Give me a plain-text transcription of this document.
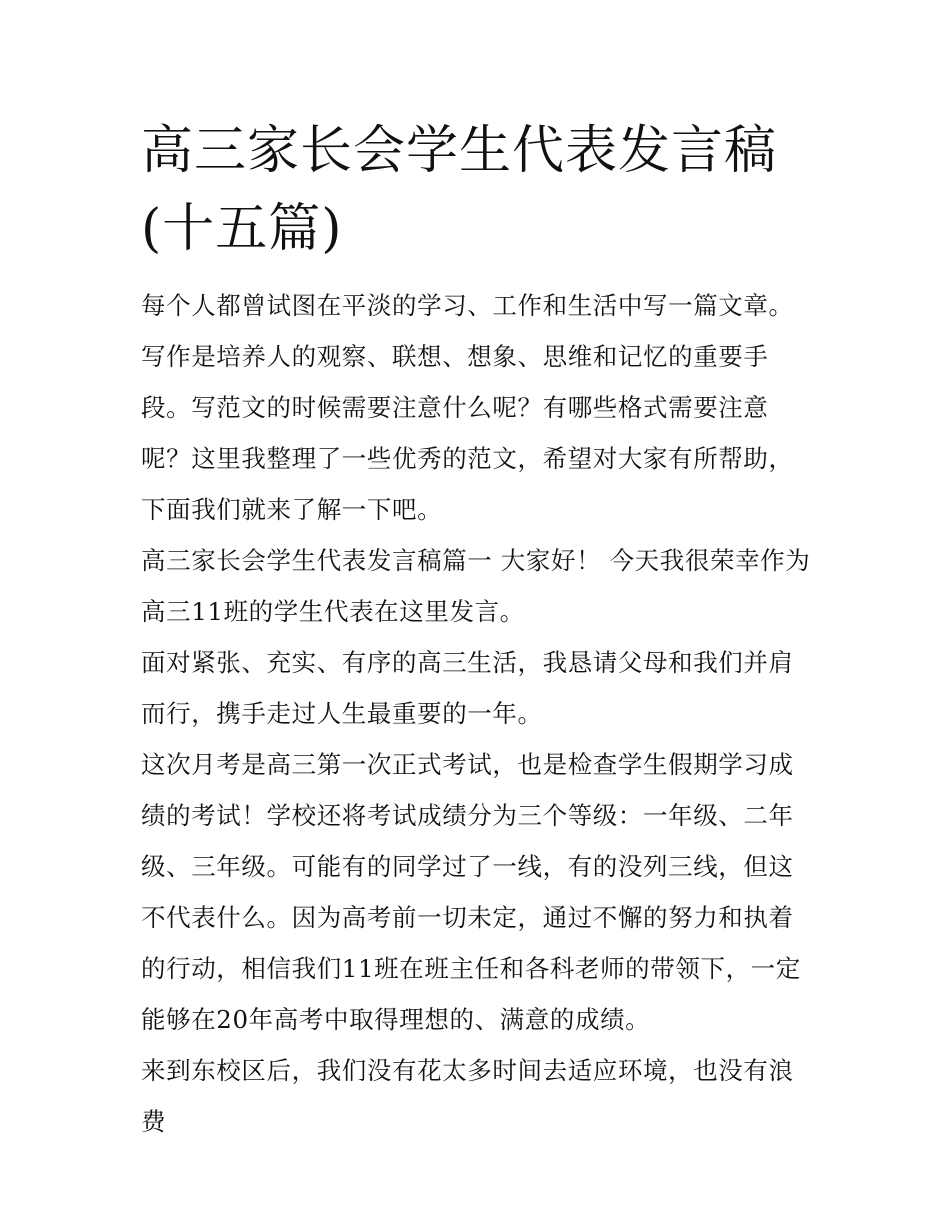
高三家长会学生代表发言稿(十五篇)

每个人都曾试图在平淡的学习、工作和生活中写一篇文章。写作是培养人的观察、联想、想象、思维和记忆的重要手段。写范文的时候需要注意什么呢？有哪些格式需要注意呢？这里我整理了一些优秀的范文，希望对大家有所帮助，下面我们就来了解一下吧。

高三家长会学生代表发言稿篇一 大家好！ 今天我很荣幸作为高三11班的学生代表在这里发言。

面对紧张、充实、有序的高三生活，我恳请父母和我们并肩而行，携手走过人生最重要的一年。

这次月考是高三第一次正式考试，也是检查学生假期学习成绩的考试！学校还将考试成绩分为三个等级：一年级、二年级、三年级。可能有的同学过了一线，有的没列三线，但这不代表什么。因为高考前一切未定，通过不懈的努力和执着的行动，相信我们11班在班主任和各科老师的带领下，一定能够在20年高考中取得理想的、满意的成绩。

来到东校区后，我们没有花太多时间去适应环境，也没有浪费
